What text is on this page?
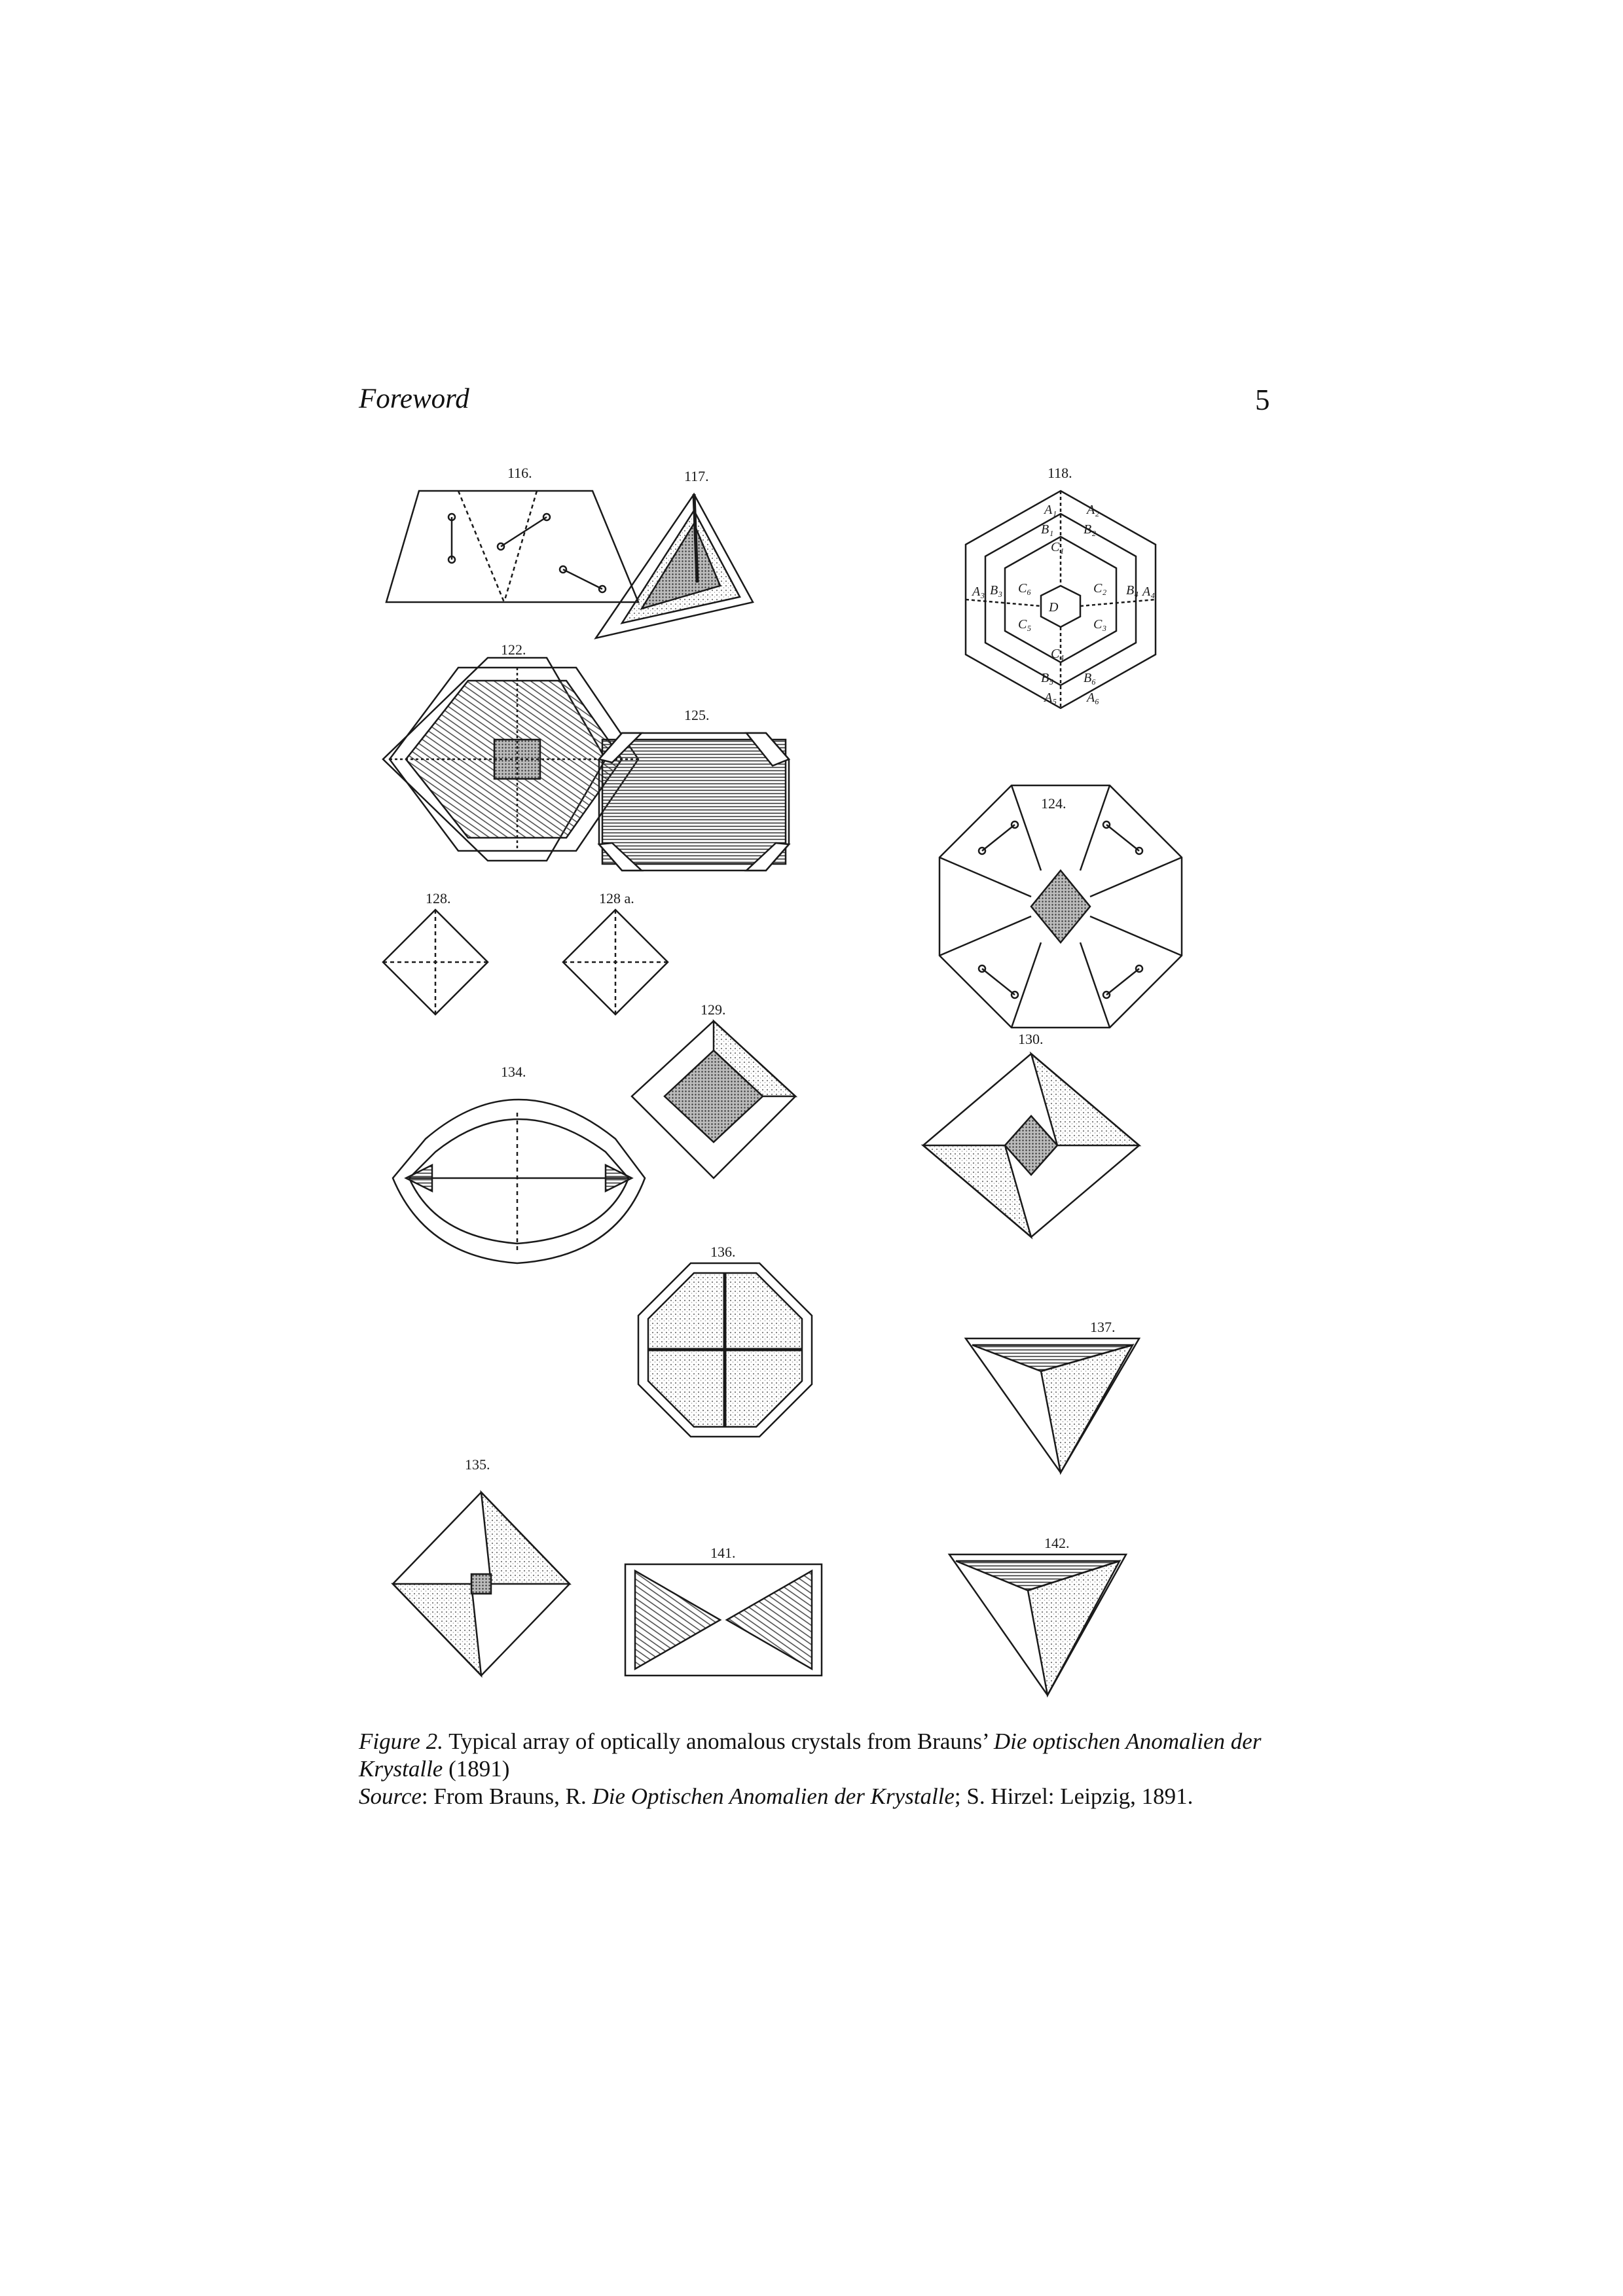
Foreword	5
A₁ A₂
B₁ B₂
C₁
C₆	C₂
C₅	C₃
C₄
D
A₃	A₄
B₃	B₄
B₅ B₆
A₅ A₆
116.	117.	118.
122.
125.
124.
128.	128 a.
129.
130.
134.
136.
137.
135.
141.
142.

Figure 2. Typical array of optically anomalous crystals from Brauns’ Die optischen Anomalien der Krystalle (1891)

Source: From Brauns, R. Die Optischen Anomalien der Krystalle; S. Hirzel: Leipzig, 1891.
